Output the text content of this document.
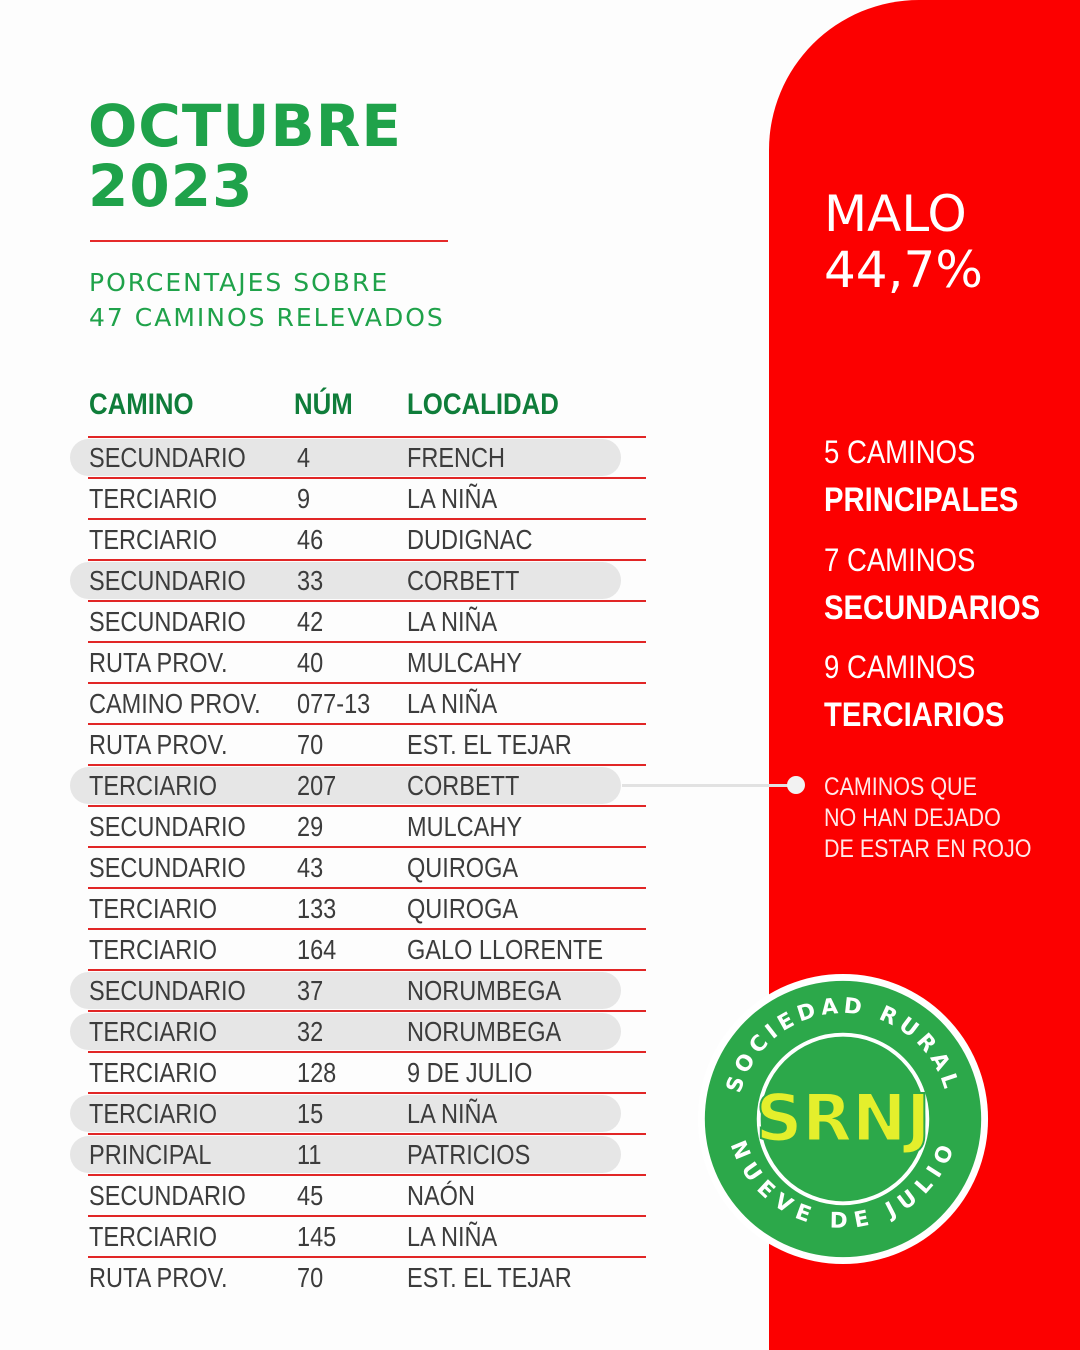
OCTUBRE
2023
PORCENTAJES SOBRE
47 CAMINOS RELEVADOS
CAMINO	NÚM LOCALIDAD
SECUNDARIO 4	FRENCH
TERCIARIO	9	LA NIÑA
TERCIARIO	46	DUDIGNAC
SECUNDARIO 33	CORBETT
SECUNDARIO 42	LA NIÑA
RUTA PROV. 40	MULCAHY
CAMINO PROV. 077-13 LA NIÑA
RUTA PROV. 70	EST. EL TEJAR
TERCIARIO	207	CORBETT
SECUNDARIO 29	MULCAHY
SECUNDARIO 43	QUIROGA
TERCIARIO	133	QUIROGA
TERCIARIO	164	GALO LLORENTE
SECUNDARIO 37	NORUMBEGA
TERCIARIO	32	NORUMBEGA
TERCIARIO	128	9 DE JULIO
TERCIARIO	15	LA NIÑA
PRINCIPAL	11	PATRICIOS
SECUNDARIO 45	NAÓN
TERCIARIO	145	LA NIÑA
RUTA PROV. 70	EST. EL TEJAR
MALO
44,7%
5 CAMINOS
PRINCIPALES
7 CAMINOS
SECUNDARIOS
9 CAMINOS
TERCIARIOS
CAMINOS QUE
NO HAN DEJADO
DE ESTAR EN ROJO
SOCIEDAD RURAL
NUEVE DE JULIO
SRNJ
